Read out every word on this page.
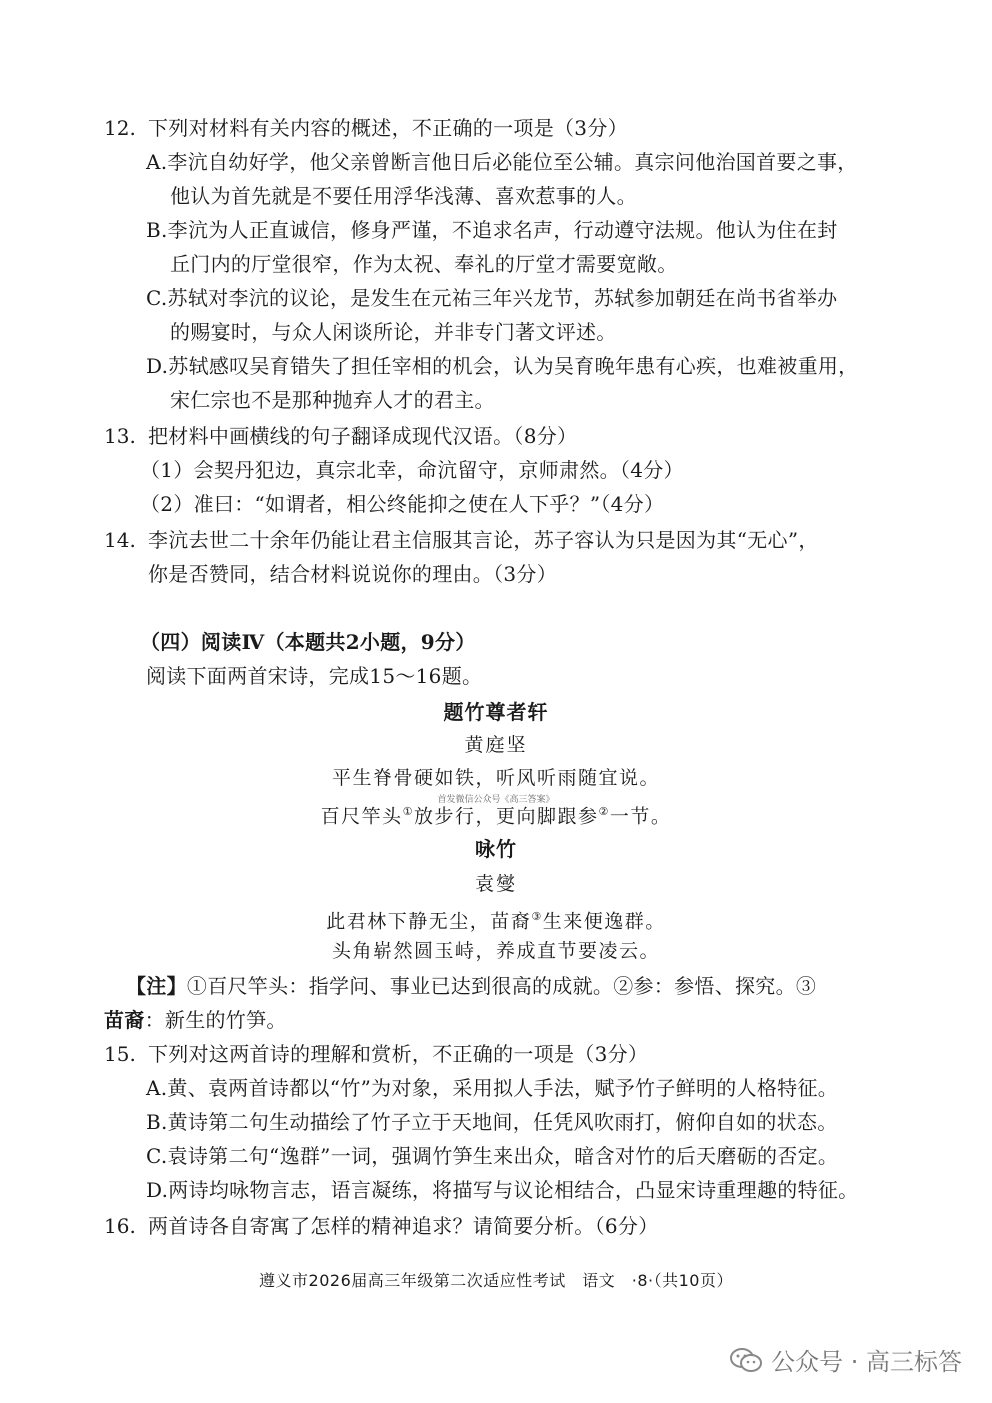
12. 下列对材料有关内容的概述，不正确的一项是（3分）
A.李沆自幼好学，他父亲曾断言他日后必能位至公辅。真宗问他治国首要之事，
他认为首先就是不要任用浮华浅薄、喜欢惹事的人。
B.李沆为人正直诚信，修身严谨，不追求名声，行动遵守法规。他认为住在封
丘门内的厅堂很窄，作为太祝、奉礼的厅堂才需要宽敞。
C.苏轼对李沆的议论，是发生在元祐三年兴龙节，苏轼参加朝廷在尚书省举办
的赐宴时，与众人闲谈所论，并非专门著文评述。
D.苏轼感叹吴育错失了担任宰相的机会，认为吴育晚年患有心疾，也难被重用，
宋仁宗也不是那种抛弃人才的君主。
13. 把材料中画横线的句子翻译成现代汉语。（8分）
（1）会契丹犯边，真宗北幸，命沆留守，京师肃然。（4分）
（2）准曰：“如谓者，相公终能抑之使在人下乎？”（4分）
14. 李沆去世二十余年仍能让君主信服其言论，苏子容认为只是因为其“无心”，
你是否赞同，结合材料说说你的理由。（3分）
（四）阅读Ⅳ（本题共2小题，9分）
阅读下面两首宋诗，完成15～16题。
题竹尊者轩
黄庭坚
平生脊骨硬如铁，听风听雨随宜说。
首发微信公众号《高三答案》
百尺竿头①放步行，更向脚跟参②一节。
咏竹
袁燮
此君林下静无尘，苗裔③生来便逸群。
头角崭然圆玉峙，养成直节要凌云。
【注】①百尺竿头：指学问、事业已达到很高的成就。②参：参悟、探究。③
苗裔：新生的竹笋。
15. 下列对这两首诗的理解和赏析，不正确的一项是（3分）
A.黄、袁两首诗都以“竹”为对象，采用拟人手法，赋予竹子鲜明的人格特征。
B.黄诗第二句生动描绘了竹子立于天地间，任凭风吹雨打，俯仰自如的状态。
C.袁诗第二句“逸群”一词，强调竹笋生来出众，暗含对竹的后天磨砺的否定。
D.两诗均咏物言志，语言凝练，将描写与议论相结合，凸显宋诗重理趣的特征。
16. 两首诗各自寄寓了怎样的精神追求？请简要分析。（6分）
遵义市2026届高三年级第二次适应性考试　语文　·8·（共10页）
公众号 · 高三标答
